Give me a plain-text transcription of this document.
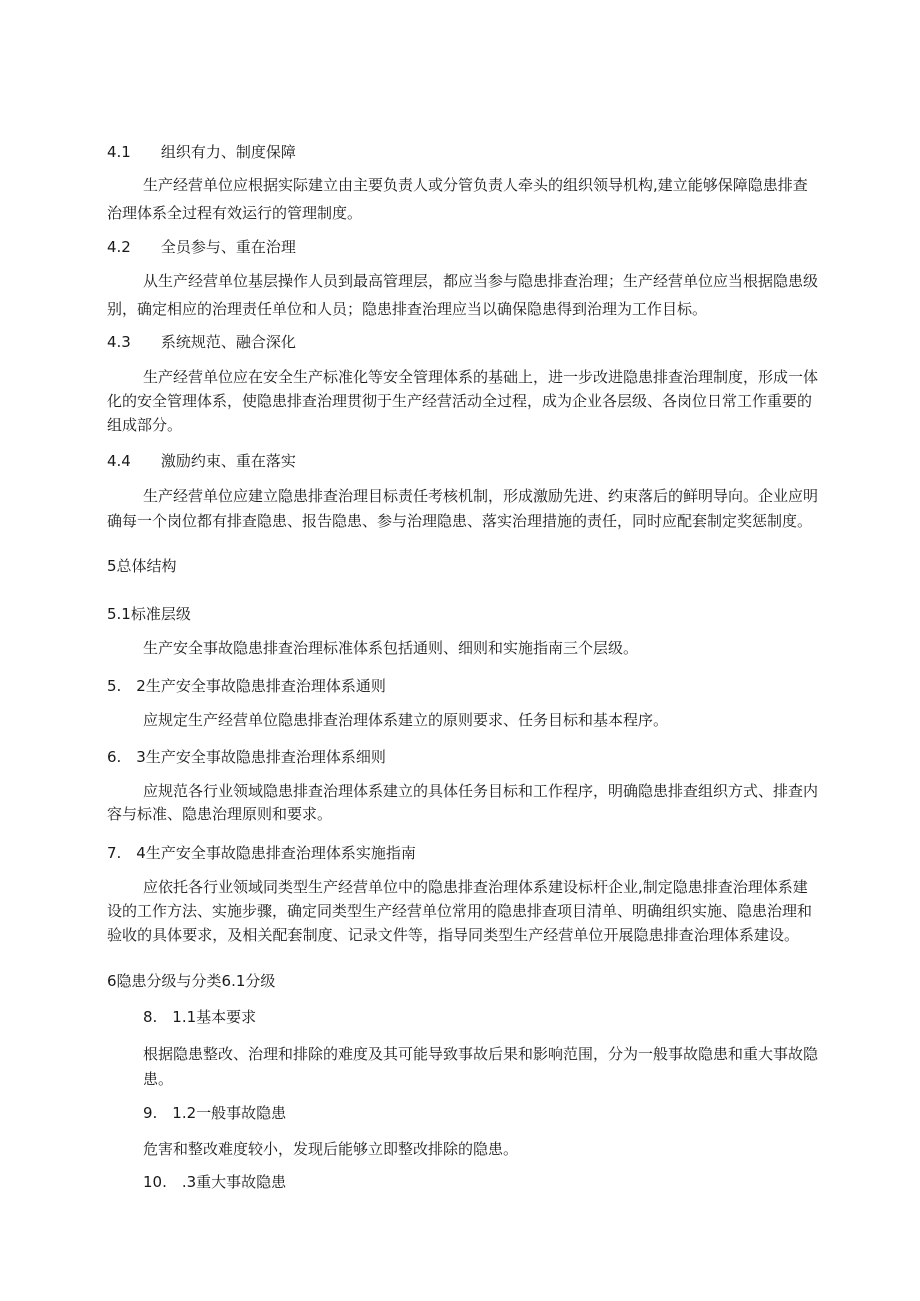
4.1　　组织有力、制度保障
生产经营单位应根据实际建立由主要负责人或分管负责人牵头的组织领导机构,建立能够保障隐患排查
治理体系全过程有效运行的管理制度。
4.2　　全员参与、重在治理
从生产经营单位基层操作人员到最高管理层，都应当参与隐患排查治理；生产经营单位应当根据隐患级
别，确定相应的治理责任单位和人员；隐患排查治理应当以确保隐患得到治理为工作目标。
4.3　　系统规范、融合深化
生产经营单位应在安全生产标准化等安全管理体系的基础上，进一步改进隐患排查治理制度，形成一体
化的安全管理体系，使隐患排查治理贯彻于生产经营活动全过程，成为企业各层级、各岗位日常工作重要的
组成部分。
4.4　　激励约束、重在落实
生产经营单位应建立隐患排查治理目标责任考核机制，形成激励先进、约束落后的鲜明导向。企业应明
确每一个岗位都有排查隐患、报告隐患、参与治理隐患、落实治理措施的责任，同时应配套制定奖惩制度。
5总体结构
5.1标准层级
生产安全事故隐患排查治理标准体系包括通则、细则和实施指南三个层级。
5.　2生产安全事故隐患排查治理体系通则
应规定生产经营单位隐患排查治理体系建立的原则要求、任务目标和基本程序。
6.　3生产安全事故隐患排查治理体系细则
应规范各行业领域隐患排查治理体系建立的具体任务目标和工作程序，明确隐患排查组织方式、排查内
容与标准、隐患治理原则和要求。
7.　4生产安全事故隐患排查治理体系实施指南
应依托各行业领域同类型生产经营单位中的隐患排查治理体系建设标杆企业,制定隐患排查治理体系建
设的工作方法、实施步骤，确定同类型生产经营单位常用的隐患排查项目清单、明确组织实施、隐患治理和
验收的具体要求，及相关配套制度、记录文件等，指导同类型生产经营单位开展隐患排查治理体系建设。
6隐患分级与分类6.1分级
8.　1.1基本要求
根据隐患整改、治理和排除的难度及其可能导致事故后果和影响范围，分为一般事故隐患和重大事故隐
患。
9.　1.2一般事故隐患
危害和整改难度较小，发现后能够立即整改排除的隐患。
10.　.3重大事故隐患
